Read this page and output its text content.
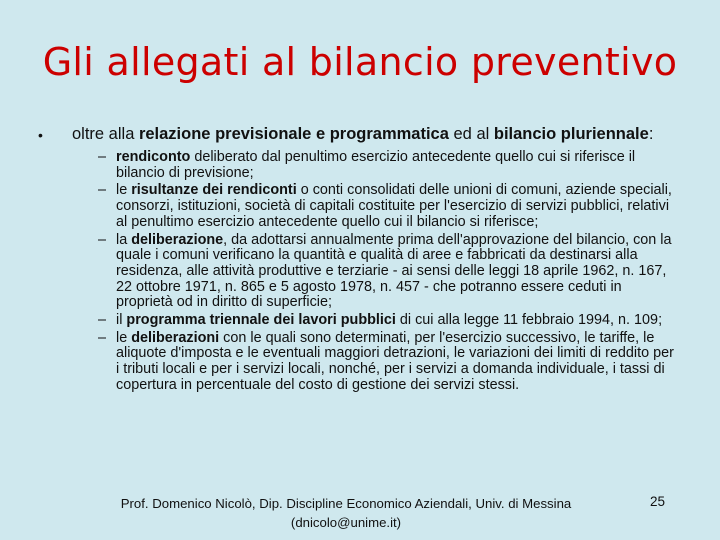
Gli allegati al bilancio preventivo
•	oltre alla relazione previsionale e programmatica ed al bilancio pluriennale:
– rendiconto deliberato dal penultimo esercizio antecedente quello cui si riferisce il bilancio di previsione;
– le risultanze dei rendiconti o conti consolidati delle unioni di comuni, aziende speciali, consorzi, istituzioni, società di capitali costituite per l'esercizio di servizi pubblici, relativi al penultimo esercizio antecedente quello cui il bilancio si riferisce;
– la deliberazione, da adottarsi annualmente prima dell'approvazione del bilancio, con la quale i comuni verificano la quantità e qualità di aree e fabbricati da destinarsi alla residenza, alle attività produttive e terziarie - ai sensi delle leggi 18 aprile 1962, n. 167, 22 ottobre 1971, n. 865 e 5 agosto 1978, n. 457 - che potranno essere ceduti in proprietà od in diritto di superficie;
– il programma triennale dei lavori pubblici di cui alla legge 11 febbraio 1994, n. 109;
– le deliberazioni con le quali sono determinati, per l'esercizio successivo, le tariffe, le aliquote d'imposta e le eventuali maggiori detrazioni, le variazioni dei limiti di reddito per i tributi locali e per i servizi locali, nonché, per i servizi a domanda individuale, i tassi di copertura in percentuale del costo di gestione dei servizi stessi.
Prof. Domenico Nicolò, Dip. Discipline Economico Aziendali, Univ. di Messina
(dnicolo@unime.it)
25
